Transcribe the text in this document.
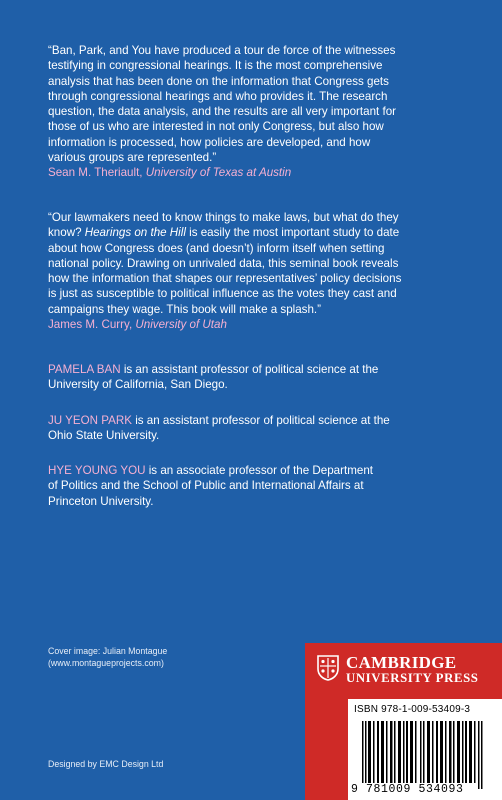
“Ban, Park, and You have produced a tour de force of the witnesses
testifying in congressional hearings. It is the most comprehensive
analysis that has been done on the information that Congress gets
through congressional hearings and who provides it. The research
question, the data analysis, and the results are all very important for
those of us who are interested in not only Congress, but also how
information is processed, how policies are developed, and how
various groups are represented.”

Sean M. Theriault, University of Texas at Austin

“Our lawmakers need to know things to make laws, but what do they
know? Hearings on the Hill is easily the most important study to date
about how Congress does (and doesn’t) inform itself when setting
national policy. Drawing on unrivaled data, this seminal book reveals
how the information that shapes our representatives’ policy decisions
is just as susceptible to political influence as the votes they cast and
campaigns they wage. This book will make a splash.”

James M. Curry, University of Utah

PAMELA BAN is an assistant professor of political science at the
University of California, San Diego.
JU YEON PARK is an assistant professor of political science at the
Ohio State University.
HYE YOUNG YOU is an associate professor of the Department
of Politics and the School of Public and International Affairs at
Princeton University.
Cover image: Julian Montague
(www.montagueprojects.com)
Designed by EMC Design Ltd
CAMBRIDGE
UNIVERSITY PRESS
ISBN 978-1-009-53409-3
9 781009 534093
